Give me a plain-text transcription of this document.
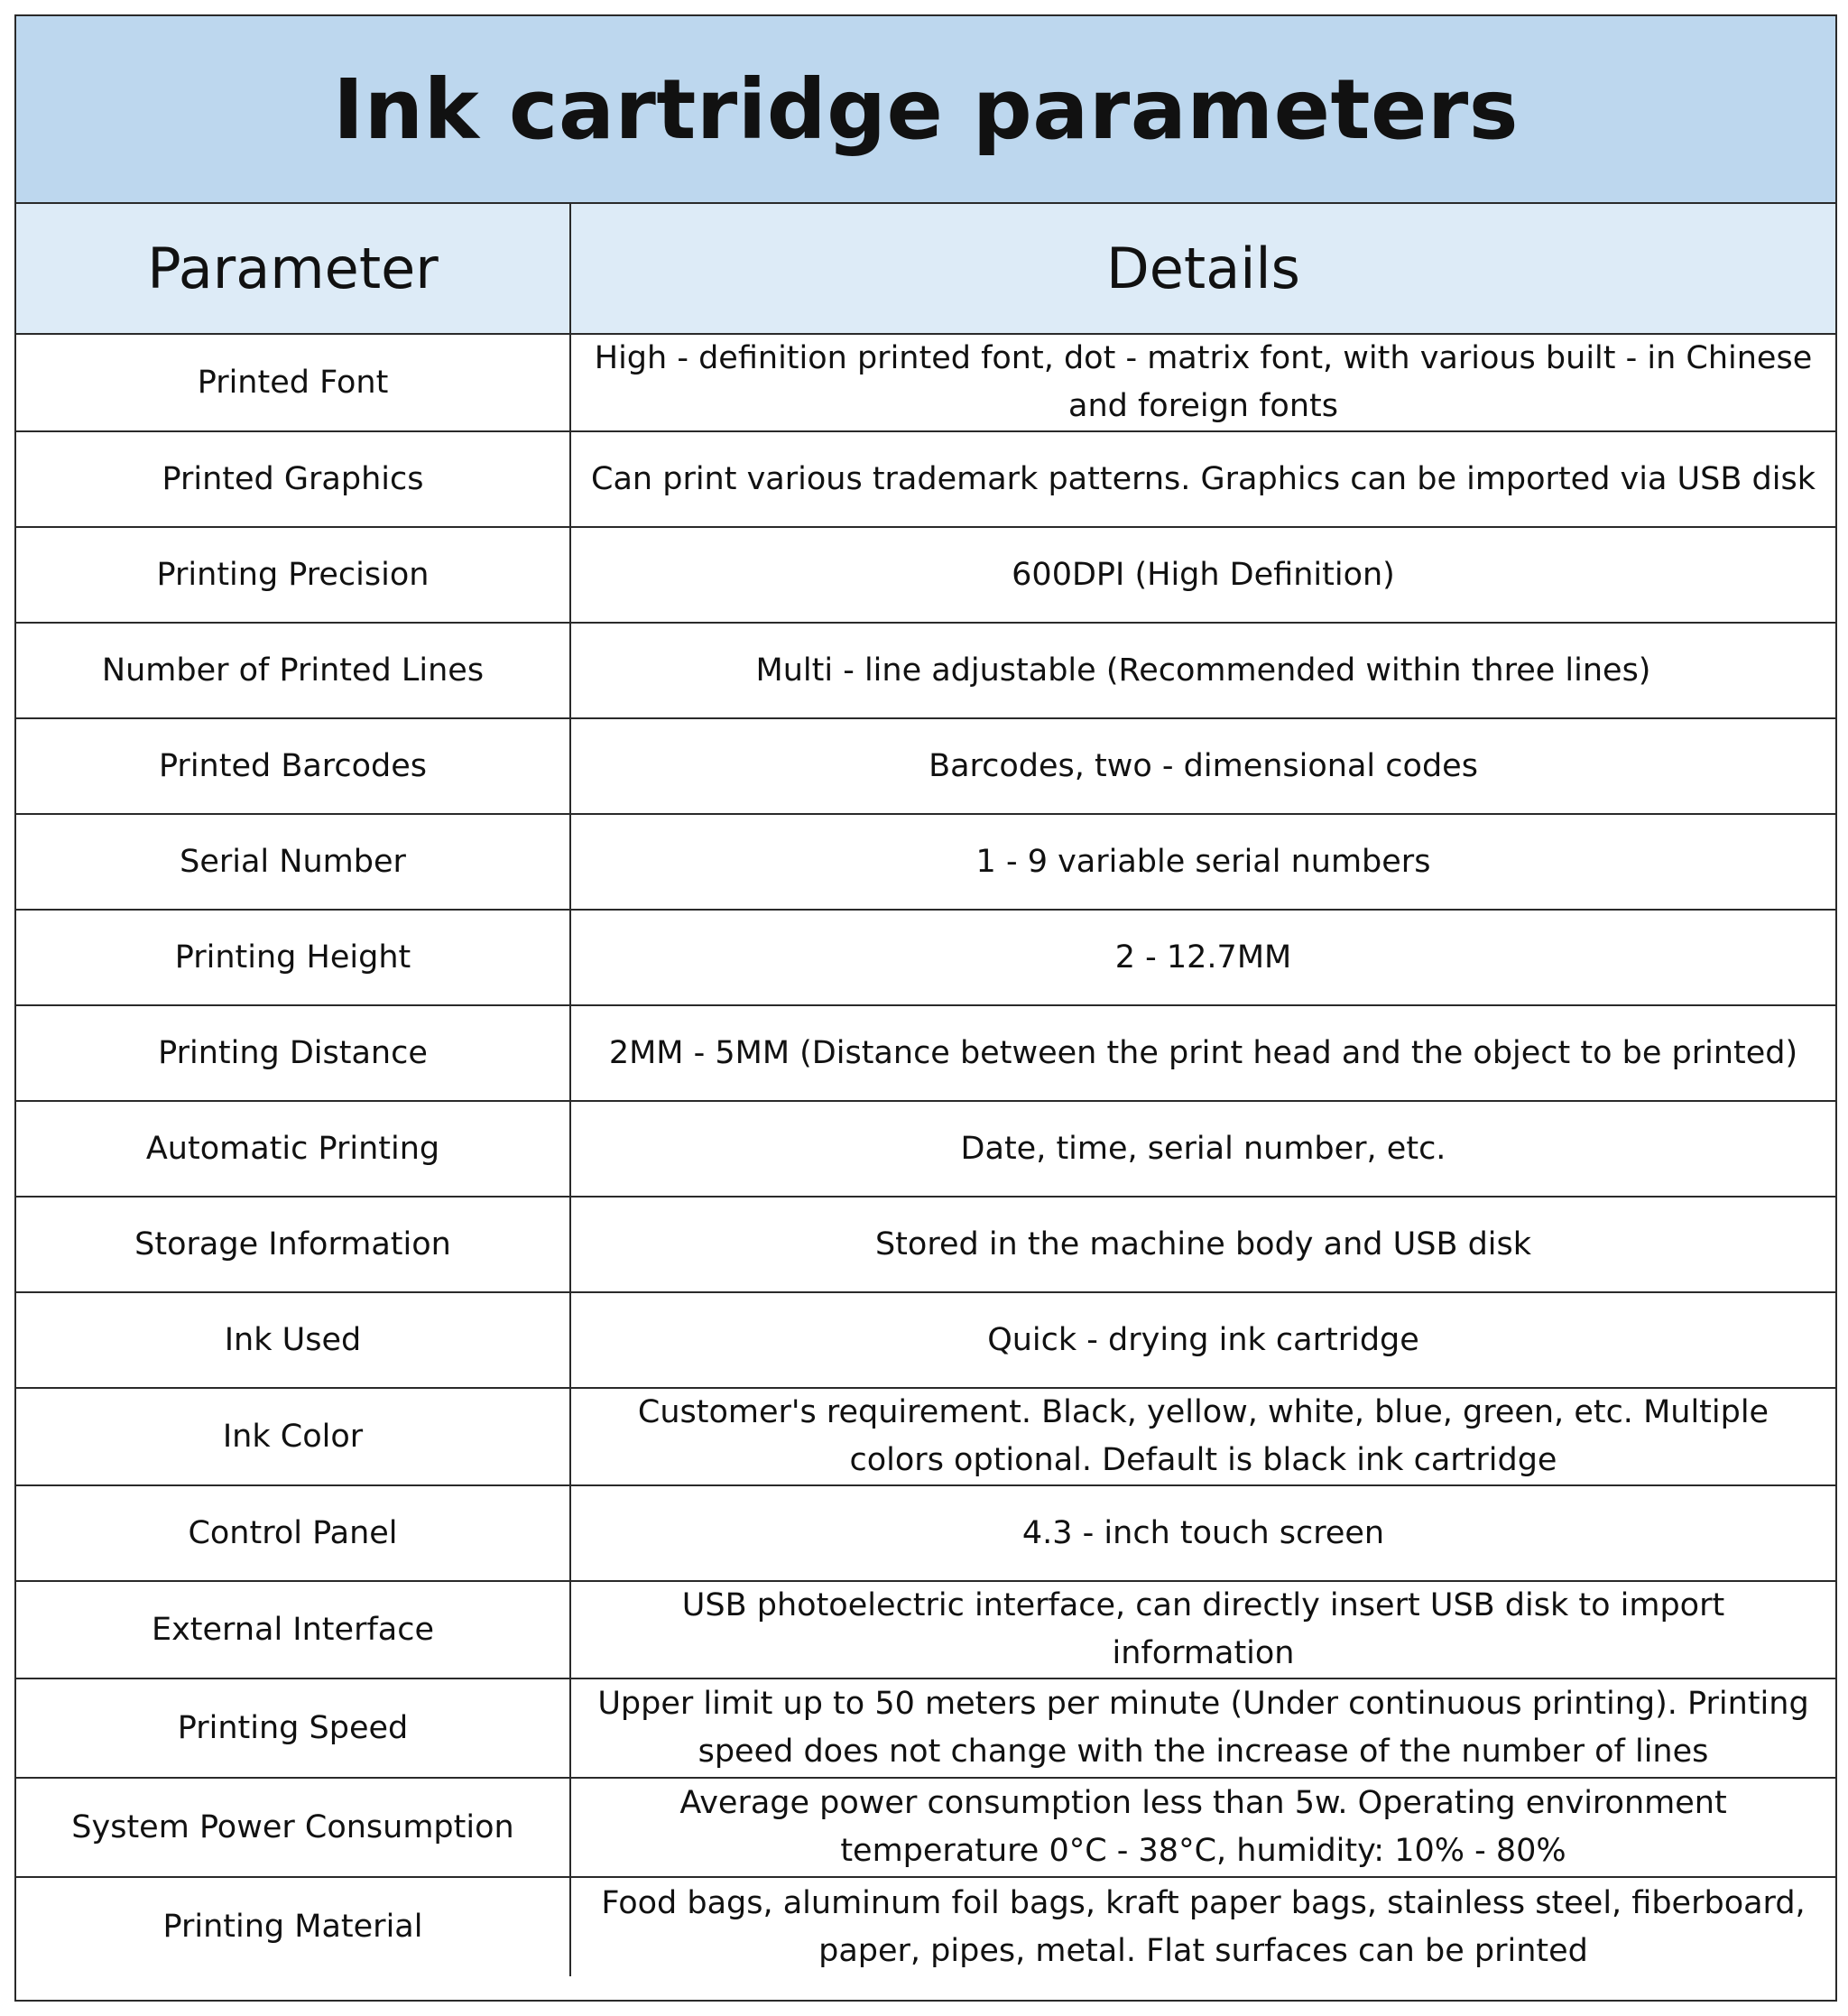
Ink cartridge parameters
Parameter	Details
Printed Font	High - definition printed font, dot - matrix font, with various built - in Chinese and foreign fonts
Printed Graphics	Can print various trademark patterns. Graphics can be imported via USB disk
Printing Precision	600DPI (High Definition)
Number of Printed Lines	Multi - line adjustable (Recommended within three lines)
Printed Barcodes	Barcodes, two - dimensional codes
Serial Number	1 - 9 variable serial numbers
Printing Height	2 - 12.7MM
Printing Distance	2MM - 5MM (Distance between the print head and the object to be printed)
Automatic Printing	Date, time, serial number, etc.
Storage Information	Stored in the machine body and USB disk
Ink Used	Quick - drying ink cartridge
Ink Color	Customer's requirement. Black, yellow, white, blue, green, etc. Multiple colors optional. Default is black ink cartridge
Control Panel	4.3 - inch touch screen
External Interface	USB photoelectric interface, can directly insert USB disk to import information
Printing Speed	Upper limit up to 50 meters per minute (Under continuous printing). Printing speed does not change with the increase of the number of lines
System Power Consumption	Average power consumption less than 5w. Operating environment temperature 0°C - 38°C, humidity: 10% - 80%
Printing Material	Food bags, aluminum foil bags, kraft paper bags, stainless steel, fiberboard, paper, pipes, metal. Flat surfaces can be printed
